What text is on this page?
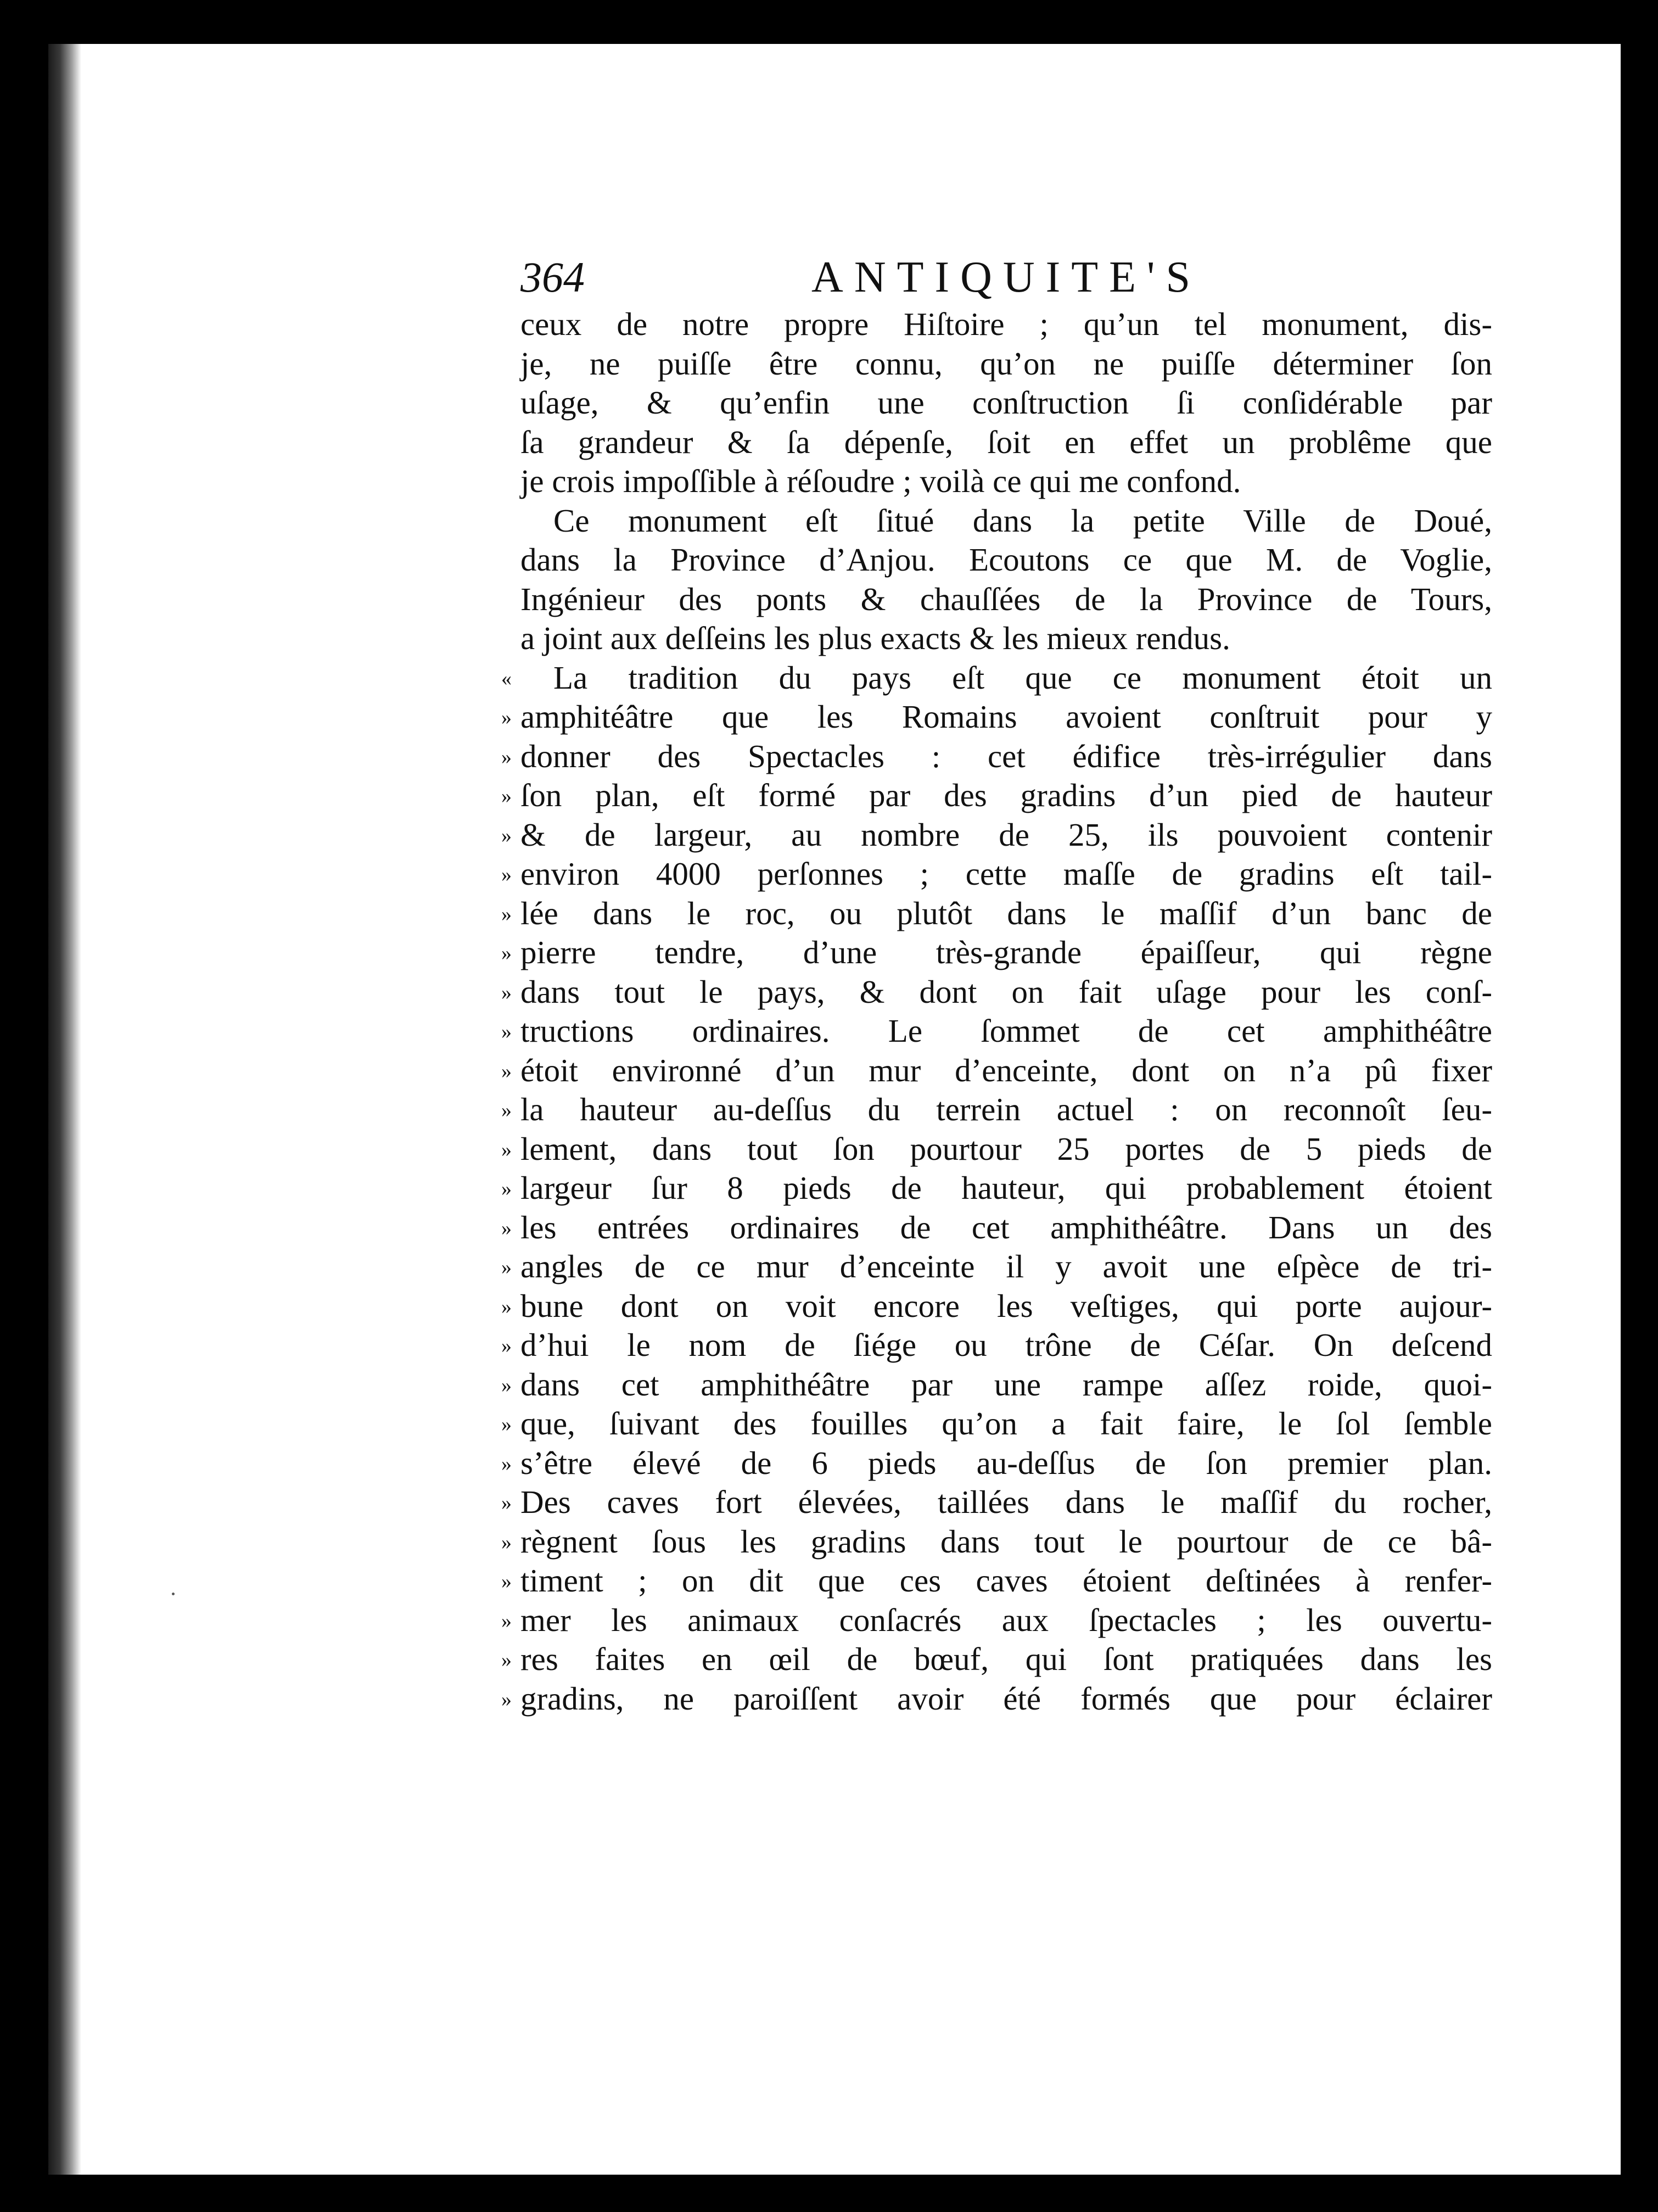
364	ANTIQUITE'S
ceux de notre propre Hiſtoire ; qu’un tel monument, dis-
je, ne puiſſe être connu, qu’on ne puiſſe déterminer ſon
uſage, & qu’enfin une conſtruction ſi conſidérable par
ſa grandeur & ſa dépenſe, ſoit en effet un problême que
je crois impoſſible à réſoudre ; voilà ce qui me confond.
Ce monument eſt ſitué dans la petite Ville de Doué,
dans la Province d’Anjou. Ecoutons ce que M. de Voglie,
Ingénieur des ponts & chauſſées de la Province de Tours,
a joint aux deſſeins les plus exacts & les mieux rendus.
« La tradition du pays eſt que ce monument étoit un
» amphitéâtre que les Romains avoient conſtruit pour y
» donner des Spectacles : cet édifice très-irrégulier dans
» ſon plan, eſt formé par des gradins d’un pied de hauteur
» & de largeur, au nombre de 25, ils pouvoient contenir
» environ 4000 perſonnes ; cette maſſe de gradins eſt tail-
» lée dans le roc, ou plutôt dans le maſſif d’un banc de
» pierre tendre, d’une très-grande épaiſſeur, qui règne
» dans tout le pays, & dont on fait uſage pour les conſ-
» tructions ordinaires. Le ſommet de cet amphithéâtre
» étoit environné d’un mur d’enceinte, dont on n’a pû fixer
» la hauteur au-deſſus du terrein actuel : on reconnoît ſeu-
» lement, dans tout ſon pourtour 25 portes de 5 pieds de
» largeur ſur 8 pieds de hauteur, qui probablement étoient
» les entrées ordinaires de cet amphithéâtre. Dans un des
» angles de ce mur d’enceinte il y avoit une eſpèce de tri-
» bune dont on voit encore les veſtiges, qui porte aujour-
» d’hui le nom de ſiége ou trône de Céſar. On deſcend
» dans cet amphithéâtre par une rampe aſſez roide, quoi-
» que, ſuivant des fouilles qu’on a fait faire, le ſol ſemble
» s’être élevé de 6 pieds au-deſſus de ſon premier plan.
» Des caves fort élevées, taillées dans le maſſif du rocher,
» règnent ſous les gradins dans tout le pourtour de ce bâ-
» timent ; on dit que ces caves étoient deſtinées à renfer-
» mer les animaux conſacrés aux ſpectacles ; les ouvertu-
» res faites en œil de bœuf, qui ſont pratiquées dans les
» gradins, ne paroiſſent avoir été formés que pour éclairer
